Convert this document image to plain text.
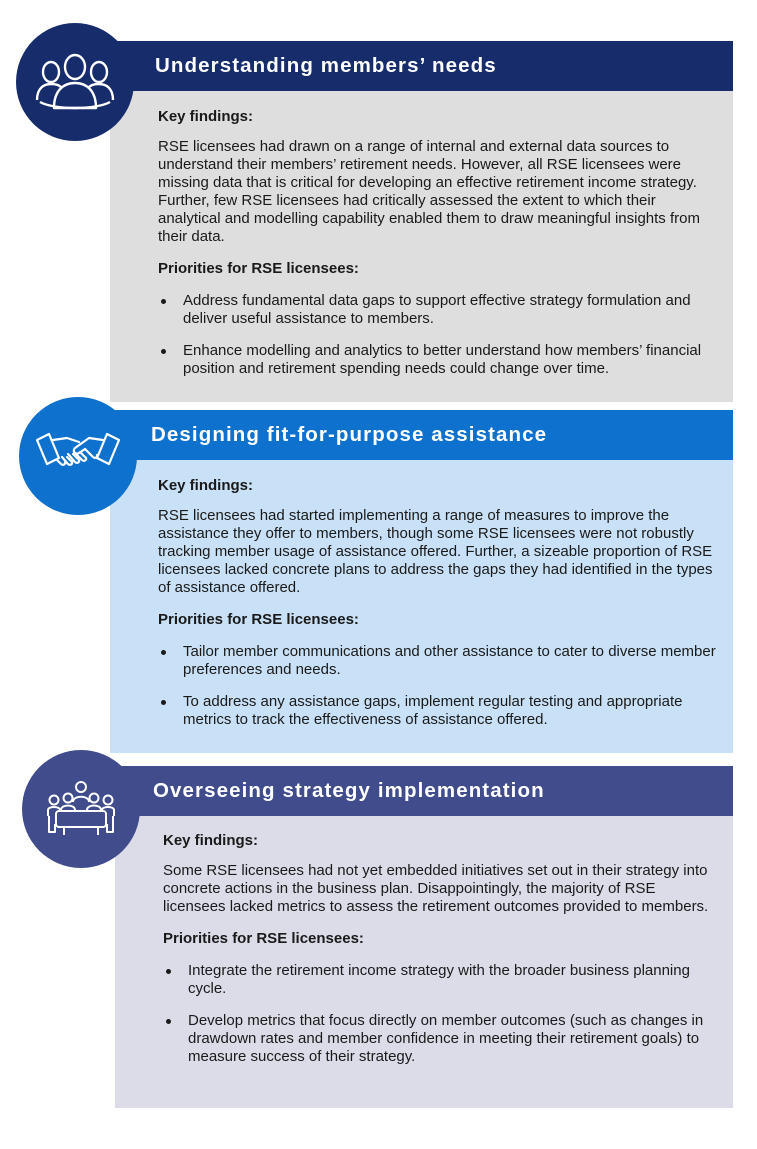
Key findings:

RSE licensees had drawn on a range of internal and external data sources to understand their members’ retirement needs. However, all RSE licensees were missing data that is critical for developing an effective retirement income strategy. Further, few RSE licensees had critically assessed the extent to which their analytical and modelling capability enabled them to draw meaningful insights from their data.

Priorities for RSE licensees:

Address fundamental data gaps to support effective strategy formulation and deliver useful assistance to members.
Enhance modelling and analytics to better understand how members’ financial position and retirement spending needs could change over time.
Understanding members’ needs

Key findings:

RSE licensees had started implementing a range of measures to improve the assistance they offer to members, though some RSE licensees were not robustly tracking member usage of assistance offered. Further, a sizeable proportion of RSE licensees lacked concrete plans to address the gaps they had identified in the types of assistance offered.

Priorities for RSE licensees:

Tailor member communications and other assistance to cater to diverse member preferences and needs.
To address any assistance gaps, implement regular testing and appropriate metrics to track the effectiveness of assistance offered.
Designing fit-for-purpose assistance

Key findings:

Some RSE licensees had not yet embedded initiatives set out in their strategy into concrete actions in the business plan. Disappointingly, the majority of RSE licensees lacked metrics to assess the retirement outcomes provided to members.

Priorities for RSE licensees:

Integrate the retirement income strategy with the broader business planning cycle.
Develop metrics that focus directly on member outcomes (such as changes in drawdown rates and member confidence in meeting their retirement goals) to measure success of their strategy.
Overseeing strategy implementation
